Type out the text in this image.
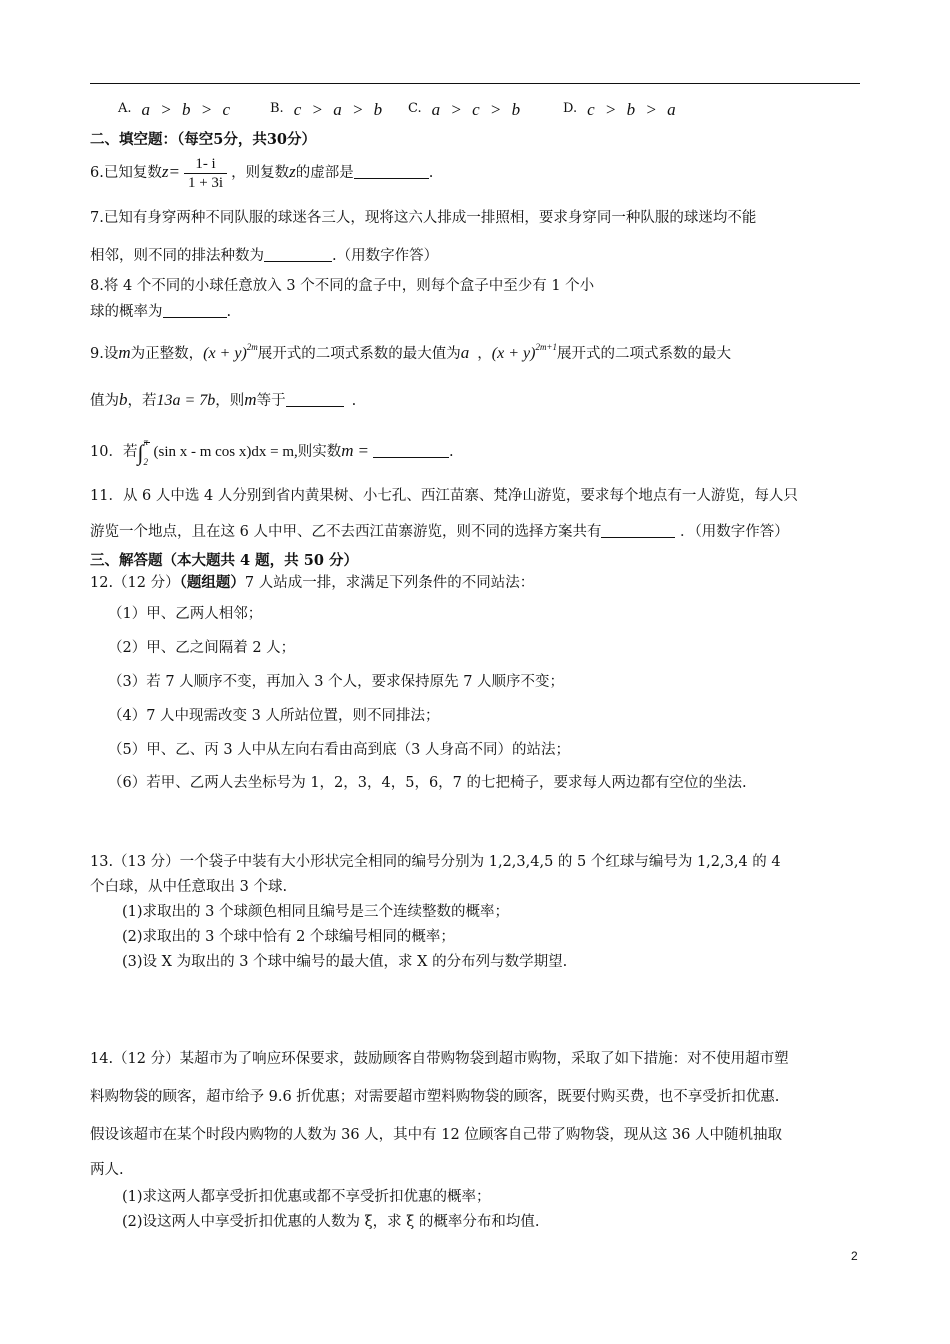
A. a > b > c	B. c > a > b C. a > c > b	D. c > b > a
二、填空题：（每空5分，共30分）
6.已知复数$z= \frac{1- i}{1 + 3i}$ ，则复数z的虚部是	.
7.已知有身穿两种不同队服的球迷各三人，现将这六人排成一排照相，要求身穿同一种队服的球迷均不能
相邻，则不同的排法种数为	.（用数字作答）
8.将 4 个不同的小球任意放入 3 个不同的盒子中，则每个盒子中至少有 1 个小
球的概率为	.
9.设m为正整数，$(x + y)^{2m}$展开式的二项式系数的最大值为a ，$(x + y)^{2m+1}$展开式的二项式系数的最大
值为b，若13a = 7b，则m等于	.
10．若∫ 2
(sin x - m cos x)dx = m,则实数m =	.
11．从 6 人中选 4 人分别到省内黄果树、小七孔、西江苗寨、梵净山游览，要求每个地点有一人游览，每人只
游览一个地点，且在这 6 人中甲、乙不去西江苗寨游览，则不同的选择方案共有	．（用数字作答）
三、解答题（本大题共 4 题，共 50 分）
12.（12 分）（题组题）7 人站成一排，求满足下列条件的不同站法：
（1）甲、乙两人相邻；
（2）甲、乙之间隔着 2 人；
（3）若 7 人顺序不变，再加入 3 个人，要求保持原先 7 人顺序不变；
（4）7 人中现需改变 3 人所站位置，则不同排法；
（5）甲、乙、丙 3 人中从左向右看由高到底（3 人身高不同）的站法；
（6）若甲、乙两人去坐标号为 1，2，3，4，5，6，7 的七把椅子，要求每人两边都有空位的坐法.
13.（13 分）一个袋子中装有大小形状完全相同的编号分别为 1,2,3,4,5 的 5 个红球与编号为 1,2,3,4 的 4
个白球，从中任意取出 3 个球.
(1)求取出的 3 个球颜色相同且编号是三个连续整数的概率；
(2)求取出的 3 个球中恰有 2 个球编号相同的概率；
(3)设 X 为取出的 3 个球中编号的最大值，求 X 的分布列与数学期望.
14.（12 分）某超市为了响应环保要求，鼓励顾客自带购物袋到超市购物，采取了如下措施：对不使用超市塑
料购物袋的顾客，超市给予 9.6 折优惠；对需要超市塑料购物袋的顾客，既要付购买费，也不享受折扣优惠.
假设该超市在某个时段内购物的人数为 36 人，其中有 12 位顾客自己带了购物袋，现从这 36 人中随机抽取
两人.
(1)求这两人都享受折扣优惠或都不享受折扣优惠的概率；
(2)设这两人中享受折扣优惠的人数为 ξ，求 ξ 的概率分布和均值.
2
